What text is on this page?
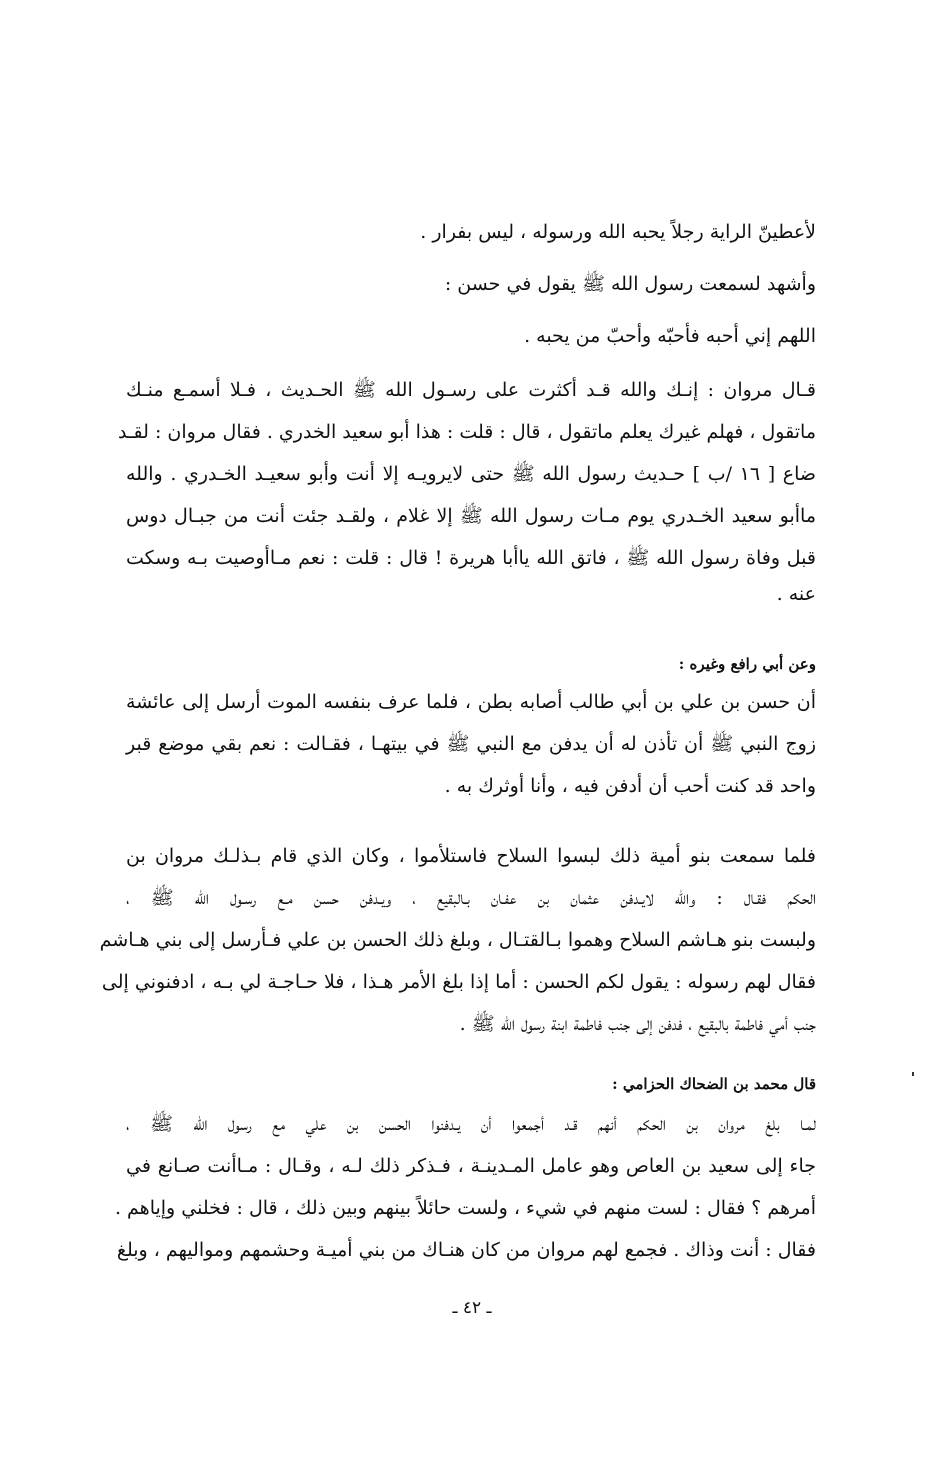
لأعطينّ الراية رجلاً يحبه الله ورسوله ، ليس بفرار .
وأشهد لسمعت رسول الله ﷺ يقول في حسن :
اللهم إني أحبه فأحبّه وأحبّ من يحبه .
قـال مروان : إنـك والله قـد أكثرت على رسـول الله ﷺ الحـديث ، فـلا أسمـع منـك
ماتقول ، فهلم غيرك يعلم ماتقول ، قال : قلت : هذا أبو سعيد الخدري . فقال مروان : لقـد
ضاع [ ١٦ /ب ] حـديث رسول الله ﷺ حتى لايرويـه إلا أنت وأبو سعيـد الخـدري . والله
ماأبو سعيد الخـدري يوم مـات رسول الله ﷺ إلا غلام ، ولقـد جئت أنت من جبـال دوس
قبل وفاة رسول الله ﷺ ، فاتق الله ياأبا هريرة ! قال : قلت : نعم مـاأوصيت بـه وسكت
عنه .
وعن أبي رافع وغيره :
أن حسن بن علي بن أبي طالب أصابه بطن ، فلما عرف بنفسه الموت أرسل إلى عائشة
زوج النبي ﷺ أن تأذن له أن يدفن مع النبي ﷺ في بيتهـا ، فقـالت : نعم بقي موضع قبر
واحد قد كنت أحب أن أدفن فيه ، وأنا أوثرك به .
فلما سمعت بنو أمية ذلك لبسوا السلاح فاستلأموا ، وكان الذي قام بـذلـك مروان بن
الحكم فقـال : والله لايـدفن عثمان بن عفـان بـالبقيع ، ويـدفن حسن مـع رسـول الله ﷺ ،
ولبست بنو هـاشم السلاح وهموا بـالقتـال ، وبلغ ذلك الحسن بن علي فـأرسل إلى بني هـاشم
فقال لهم رسوله : يقول لكم الحسن : أما إذا بلغ الأمر هـذا ، فلا حـاجـة لي بـه ، ادفنوني إلى
جنب أمي فاطمة بالبقيع ، فدفن إلى جنب فاطمة ابنة رسول الله ﷺ .
قال محمد بن الضحاك الحزامي :
لمـا بلغ مروان بن الحكم أنهم قـد أجمعوا أن يـدفنوا الحسن بن علي مع رسول الله ﷺ ،
جاء إلى سعيد بن العاص وهو عامل المـدينـة ، فـذكر ذلك لـه ، وقـال : مـاأنت صـانع في
أمرهم ؟ فقال : لست منهم في شيء ، ولست حائلاً بينهم وبين ذلك ، قال : فخلني وإياهم .
فقال : أنت وذاك . فجمع لهم مروان من كان هنـاك من بني أميـة وحشمهم ومواليهم ، وبلغ
ـ ٤٢ ـ
